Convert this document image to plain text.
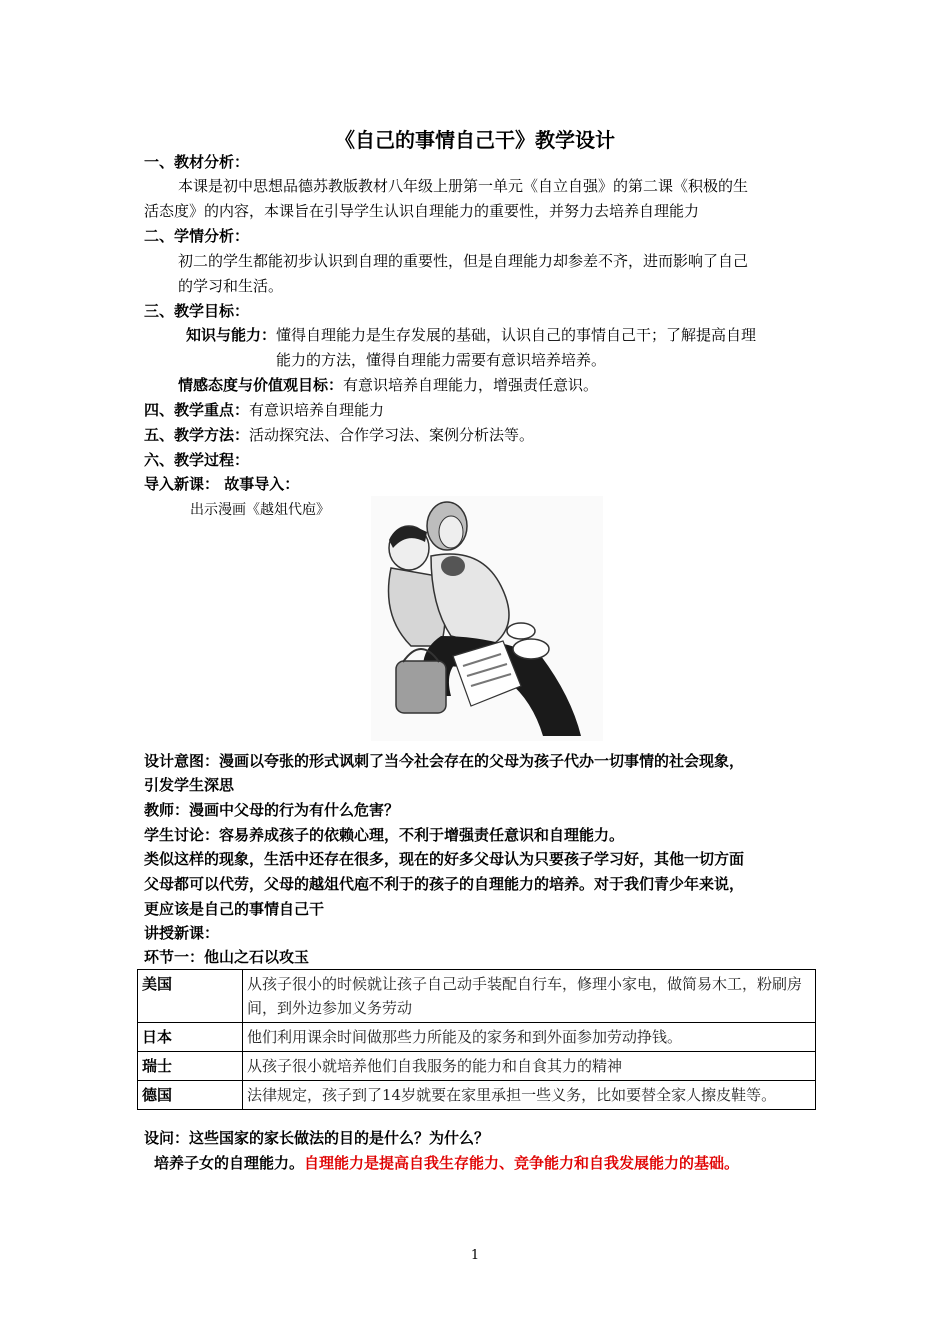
《自己的事情自己干》教学设计
一、教材分析：
本课是初中思想品德苏教版教材八年级上册第一单元《自立自强》的第二课《积极的生
活态度》的内容，本课旨在引导学生认识自理能力的重要性，并努力去培养自理能力
二、学情分析：
初二的学生都能初步认识到自理的重要性，但是自理能力却参差不齐，进而影响了自己
的学习和生活。
三、教学目标：
知识与能力：懂得自理能力是生存发展的基础，认识自己的事情自己干；了解提高自理
能力的方法，懂得自理能力需要有意识培养培养。
情感态度与价值观目标：有意识培养自理能力，增强责任意识。
四、教学重点：有意识培养自理能力
五、教学方法：活动探究法、合作学习法、案例分析法等。
六、教学过程：
导入新课： 故事导入：
出示漫画《越俎代庖》
设计意图：漫画以夸张的形式讽刺了当今社会存在的父母为孩子代办一切事情的社会现象，
引发学生深思
教师：漫画中父母的行为有什么危害？
学生讨论：容易养成孩子的依赖心理，不利于增强责任意识和自理能力。
类似这样的现象，生活中还存在很多，现在的好多父母认为只要孩子学习好，其他一切方面
父母都可以代劳，父母的越俎代庖不利于的孩子的自理能力的培养。对于我们青少年来说，
更应该是自己的事情自己干
讲授新课：
环节一：他山之石以攻玉
美国	从孩子很小的时候就让孩子自己动手装配自行车，修理小家电，做简易木工，粉刷房间，到外边参加义务劳动
日本	他们利用课余时间做那些力所能及的家务和到外面参加劳动挣钱。
瑞士	从孩子很小就培养他们自我服务的能力和自食其力的精神
德国	法律规定，孩子到了14岁就要在家里承担一些义务，比如要替全家人擦皮鞋等。
设问：这些国家的家长做法的目的是什么？为什么？
培养子女的自理能力。自理能力是提高自我生存能力、竞争能力和自我发展能力的基础。
1
